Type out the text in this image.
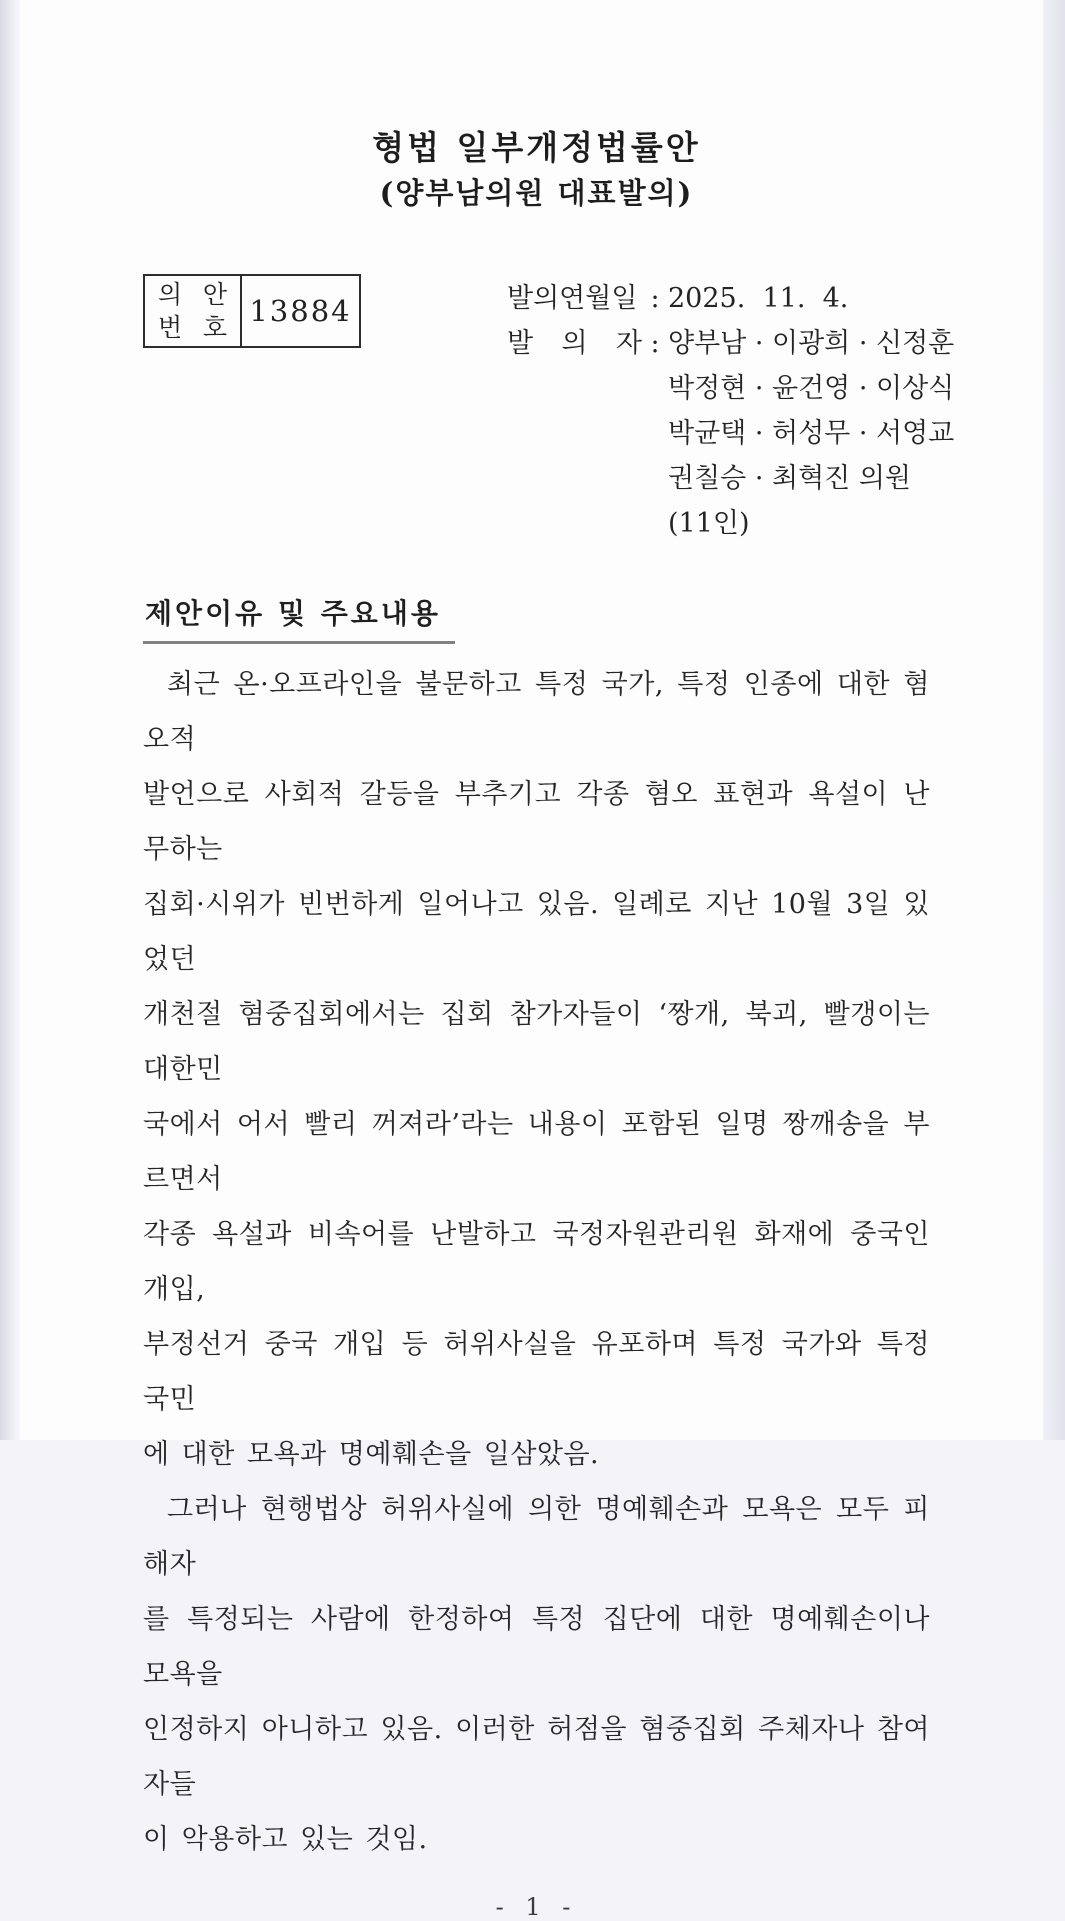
형법 일부개정법률안
(양부남의원 대표발의)
의 안
번 호 13884	발의연월일 : 2025.  11.  4.
발 의 자 : 양부남 · 이광희 · 신정훈
박정현 · 윤건영 · 이상식
박균택 · 허성무 · 서영교
권칠승 · 최혁진 의원
(11인)
제안이유 및 주요내용
최근 온·오프라인을 불문하고 특정 국가, 특정 인종에 대한 혐오적
발언으로 사회적 갈등을 부추기고 각종 혐오 표현과 욕설이 난무하는
집회·시위가 빈번하게 일어나고 있음. 일례로 지난 10월 3일 있었던
개천절 혐중집회에서는 집회 참가자들이 ‘짱개, 북괴, 빨갱이는 대한민
국에서 어서 빨리 꺼져라’라는 내용이 포함된 일명 짱깨송을 부르면서
각종 욕설과 비속어를 난발하고 국정자원관리원 화재에 중국인 개입,
부정선거 중국 개입 등 허위사실을 유포하며 특정 국가와 특정 국민
에 대한 모욕과 명예훼손을 일삼았음.
그러나 현행법상 허위사실에 의한 명예훼손과 모욕은 모두 피해자
를 특정되는 사람에 한정하여 특정 집단에 대한 명예훼손이나 모욕을
인정하지 아니하고 있음. 이러한 허점을 혐중집회 주체자나 참여자들
이 악용하고 있는 것임.
- 1 -
